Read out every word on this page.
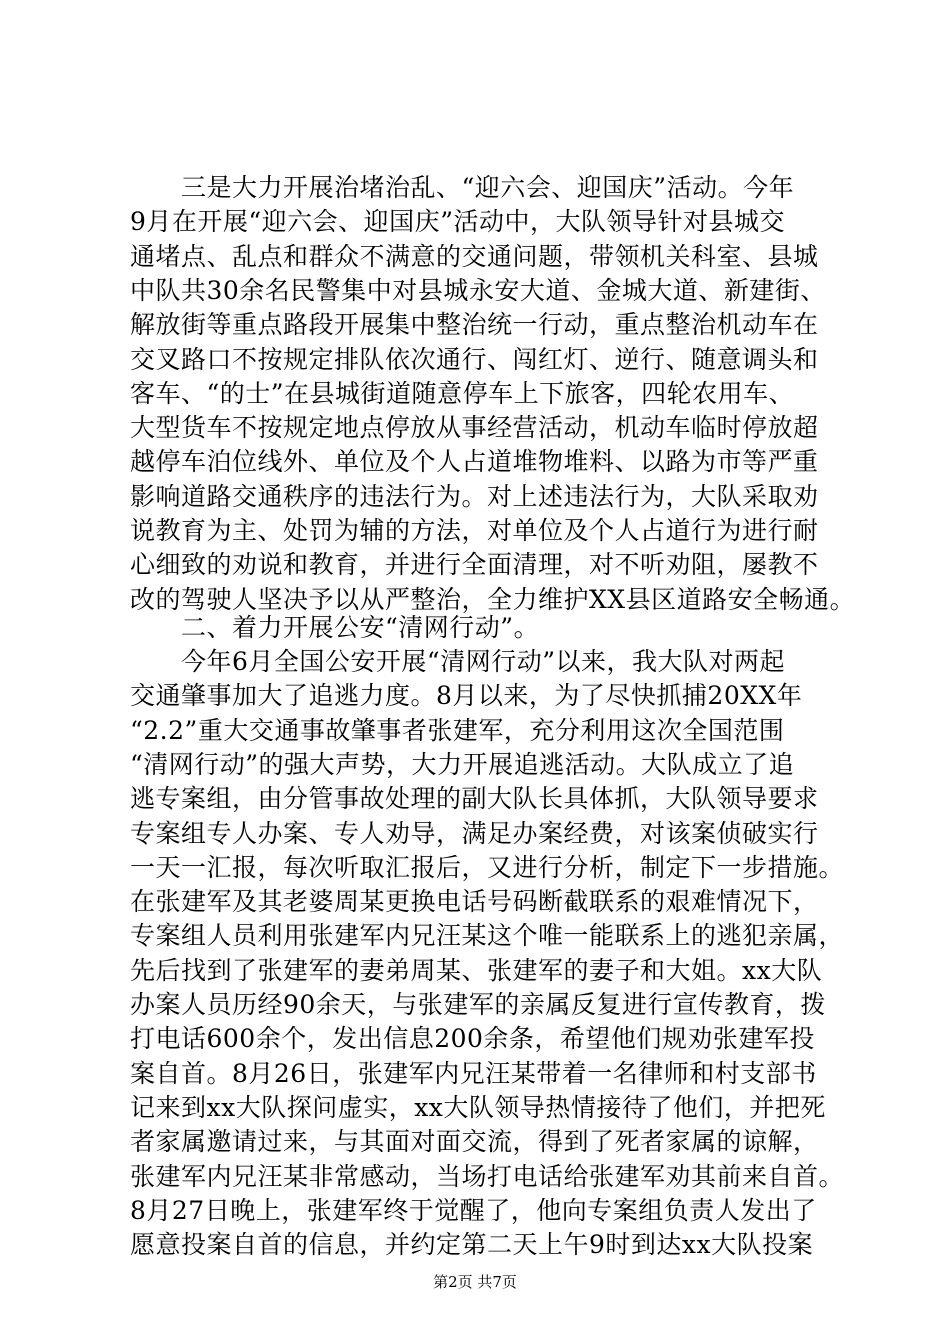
　　三是大力开展治堵治乱、“迎六会、迎国庆”活动。今年
9月在开展“迎六会、迎国庆”活动中，大队领导针对县城交
通堵点、乱点和群众不满意的交通问题，带领机关科室、县城
中队共30余名民警集中对县城永安大道、金城大道、新建街、
解放街等重点路段开展集中整治统一行动，重点整治机动车在
交叉路口不按规定排队依次通行、闯红灯、逆行、随意调头和
客车、“的士”在县城街道随意停车上下旅客，四轮农用车、
大型货车不按规定地点停放从事经营活动，机动车临时停放超
越停车泊位线外、单位及个人占道堆物堆料、以路为市等严重
影响道路交通秩序的违法行为。对上述违法行为，大队采取劝
说教育为主、处罚为辅的方法，对单位及个人占道行为进行耐
心细致的劝说和教育，并进行全面清理，对不听劝阻，屡教不
改的驾驶人坚决予以从严整治，全力维护XX县区道路安全畅通。
　　二、着力开展公安“清网行动”。
　　今年6月全国公安开展“清网行动”以来，我大队对两起
交通肇事加大了追逃力度。8月以来，为了尽快抓捕20XX年
“2.2”重大交通事故肇事者张建军，充分利用这次全国范围
“清网行动”的强大声势，大力开展追逃活动。大队成立了追
逃专案组，由分管事故处理的副大队长具体抓，大队领导要求
专案组专人办案、专人劝导，满足办案经费，对该案侦破实行
一天一汇报，每次听取汇报后，又进行分析，制定下一步措施。
在张建军及其老婆周某更换电话号码断截联系的艰难情况下，
专案组人员利用张建军内兄汪某这个唯一能联系上的逃犯亲属，
先后找到了张建军的妻弟周某、张建军的妻子和大姐。xx大队
办案人员历经90余天，与张建军的亲属反复进行宣传教育，拨
打电话600余个，发出信息200余条，希望他们规劝张建军投
案自首。8月26日，张建军内兄汪某带着一名律师和村支部书
记来到xx大队探问虚实，xx大队领导热情接待了他们，并把死
者家属邀请过来，与其面对面交流，得到了死者家属的谅解，
张建军内兄汪某非常感动，当场打电话给张建军劝其前来自首。
8月27日晚上，张建军终于觉醒了，他向专案组负责人发出了
愿意投案自首的信息，并约定第二天上午9时到达xx大队投案
第2页 共7页
